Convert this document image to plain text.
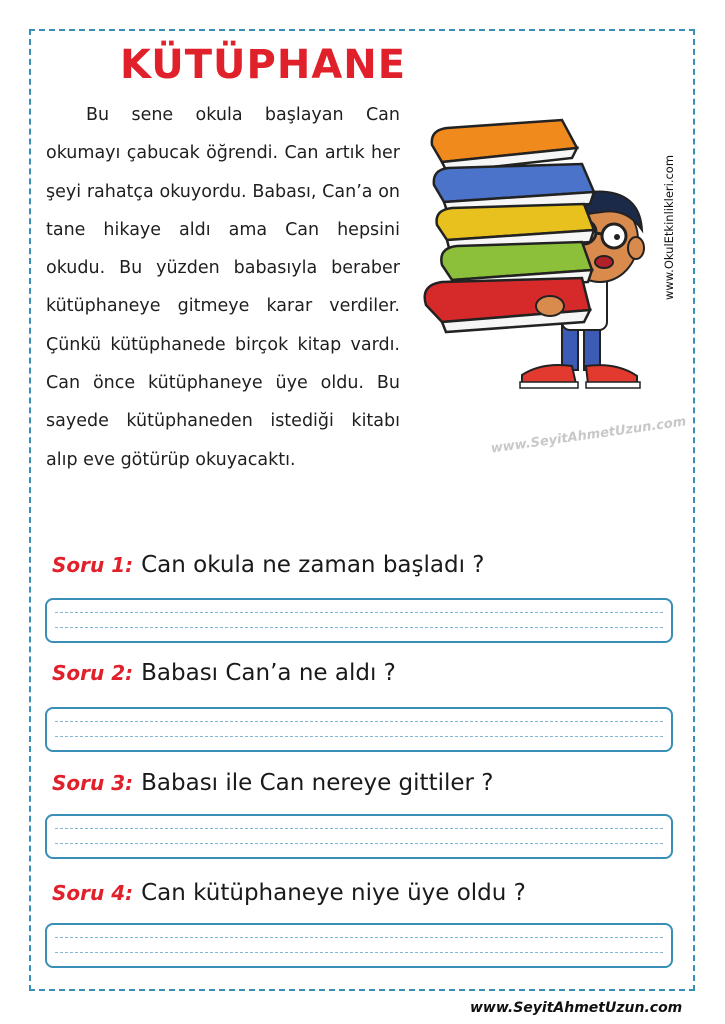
KÜTÜPHANE
Bu sene okula başlayan Can okumayı çabucak öğrendi. Can artık her şeyi rahatça okuyordu. Babası, Can’a on tane hikaye aldı ama Can hepsini okudu. Bu yüzden babasıyla beraber kütüphaneye gitmeye karar verdiler. Çünkü kütüphanede birçok kitap vardı. Can önce kütüphaneye üye oldu. Bu sayede kütüphaneden istediği kitabı alıp eve götürüp okuyacaktı.
www.OkulEtkinlikleri.com
www.SeyitAhmetUzun.com
Soru 1: Can okula ne zaman başladı ?
Soru 2: Babası Can’a ne aldı ?
Soru 3: Babası ile Can nereye gittiler ?
Soru 4: Can kütüphaneye niye üye oldu ?
www.SeyitAhmetUzun.com
